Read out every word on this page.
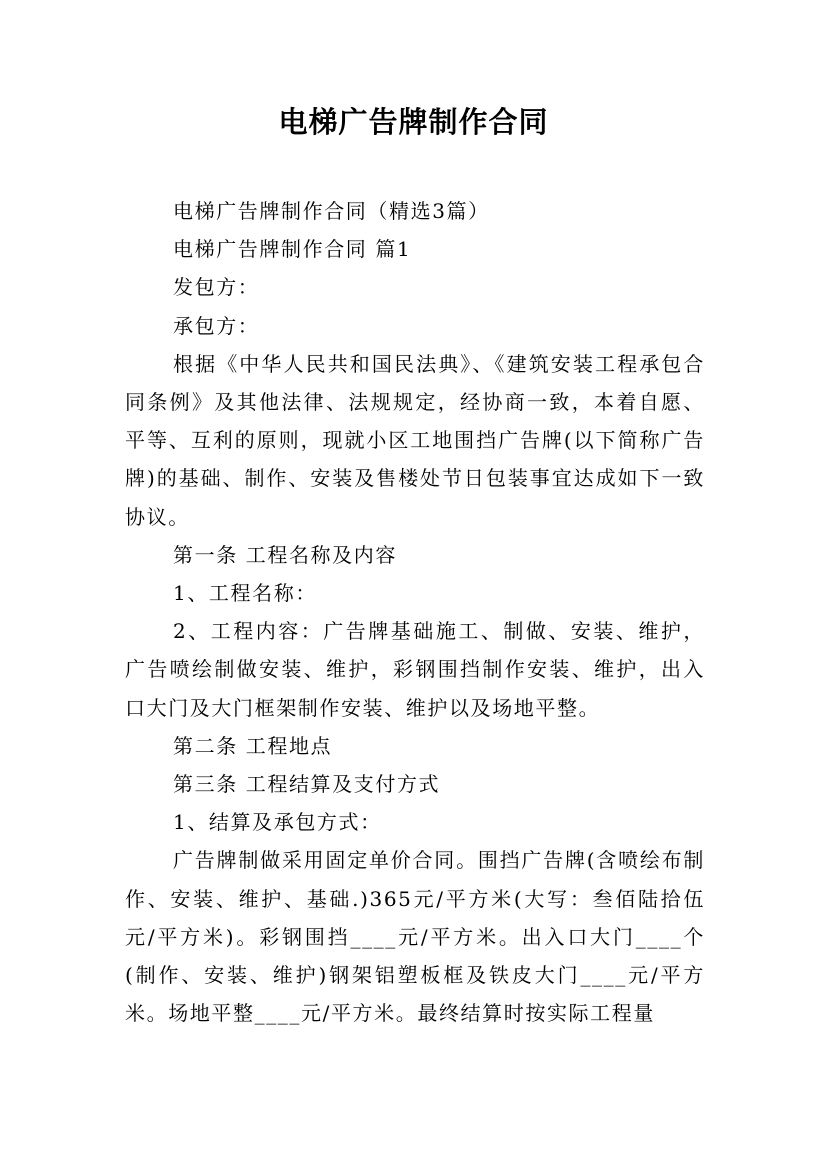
电梯广告牌制作合同

电梯广告牌制作合同（精选3篇）

电梯广告牌制作合同 篇1

发包方：

承包方：

根据《中华人民共和国民法典》、《建筑安装工程承包合同条例》及其他法律、法规规定，经协商一致，本着自愿、平等、互利的原则，现就小区工地围挡广告牌(以下简称广告牌)的基础、制作、安装及售楼处节日包装事宜达成如下一致协议。

第一条 工程名称及内容

1、工程名称：

2、工程内容：广告牌基础施工、制做、安装、维护，广告喷绘制做安装、维护，彩钢围挡制作安装、维护，出入口大门及大门框架制作安装、维护以及场地平整。

第二条 工程地点

第三条 工程结算及支付方式

1、结算及承包方式：

广告牌制做采用固定单价合同。围挡广告牌(含喷绘布制作、安装、维护、基础.)365元/平方米(大写：叁佰陆拾伍元/平方米)。彩钢围挡____元/平方米。出入口大门____个(制作、安装、维护)钢架铝塑板框及铁皮大门____元/平方米。场地平整____元/平方米。最终结算时按实际工程量
